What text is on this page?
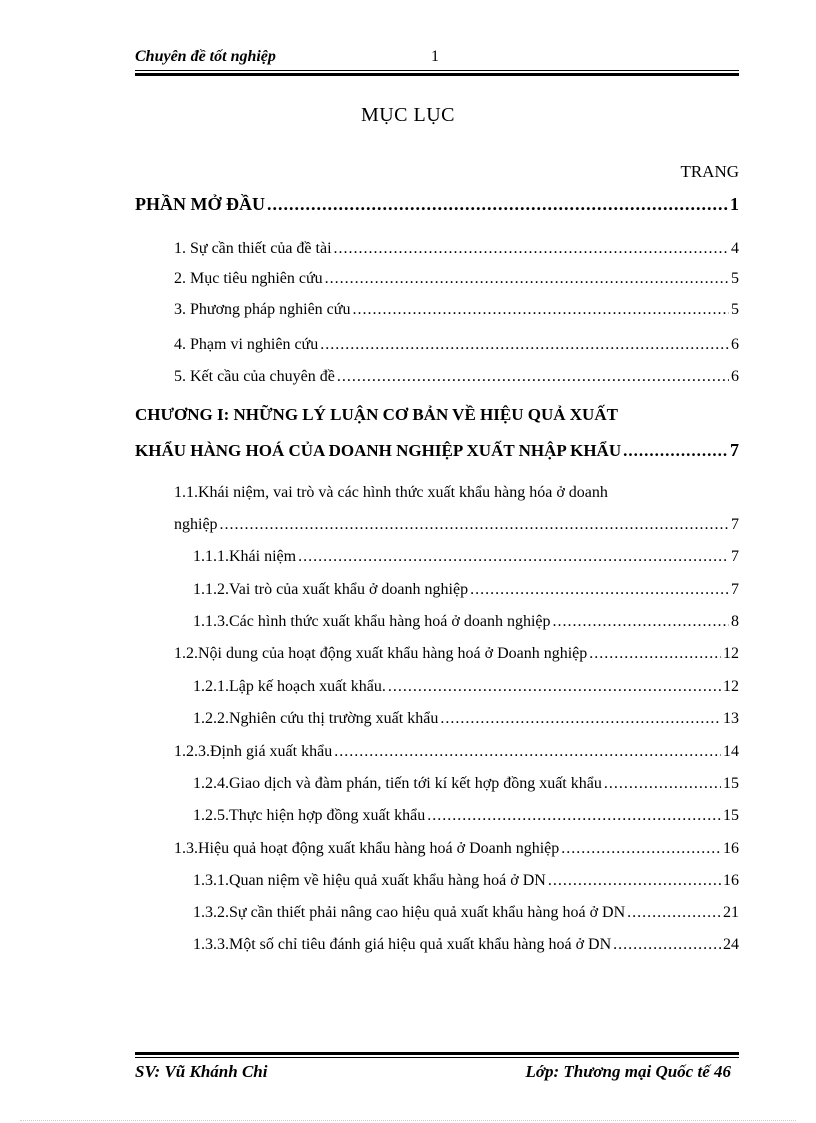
Chuyên đề tốt nghiệp	1
MỤC LỤC
TRANG
PHẦN MỞ ĐẦU .....	1
1. Sự cần thiết của đề tài .....	4
2. Mục tiêu nghiên cứu .....	5
3. Phương pháp nghiên cứu .....	5
4. Phạm vi nghiên cứu .....	6
5. Kết cầu của chuyên đề .....	6
CHƯƠNG I: NHỮNG LÝ LUẬN CƠ BẢN VỀ HIỆU QUẢ XUẤT
KHẨU HÀNG HOÁ CỦA DOANH NGHIỆP XUẤT NHẬP KHẨU .....	7
1.1.Khái niệm, vai trò và các hình thức xuất khẩu hàng hóa ở doanh
nghiệp .....	7
1.1.1.Khái niệm .....	7
1.1.2.Vai trò của xuất khẩu ở doanh nghiệp .....	7
1.1.3.Các hình thức xuất khẩu hàng hoá ở doanh nghiệp .....	8
1.2.Nội dung của hoạt động xuất khẩu hàng hoá ở Doanh nghiệp .....	12
1.2.1.Lập kế hoạch xuất khẩu. .....	12
1.2.2.Nghiên cứu thị trường xuất khẩu .....	13
1.2.3.Định giá xuất khẩu .....	14
1.2.4.Giao dịch và đàm phán, tiến tới kí kết hợp đồng xuất khẩu .....	15
1.2.5.Thực hiện hợp đồng xuất khẩu .....	15
1.3.Hiệu quả hoạt động xuất khẩu hàng hoá ở Doanh nghiệp .....	16
1.3.1.Quan niệm về hiệu quả xuất khẩu hàng hoá ở DN .....	16
1.3.2.Sự cần thiết phải nâng cao hiệu quả xuất khẩu hàng hoá ở DN .....	21
1.3.3.Một số chỉ tiêu đánh giá hiệu quả xuất khẩu hàng hoá ở DN .....	24
SV: Vũ Khánh Chi	Lớp: Thương mại Quốc tế 46
